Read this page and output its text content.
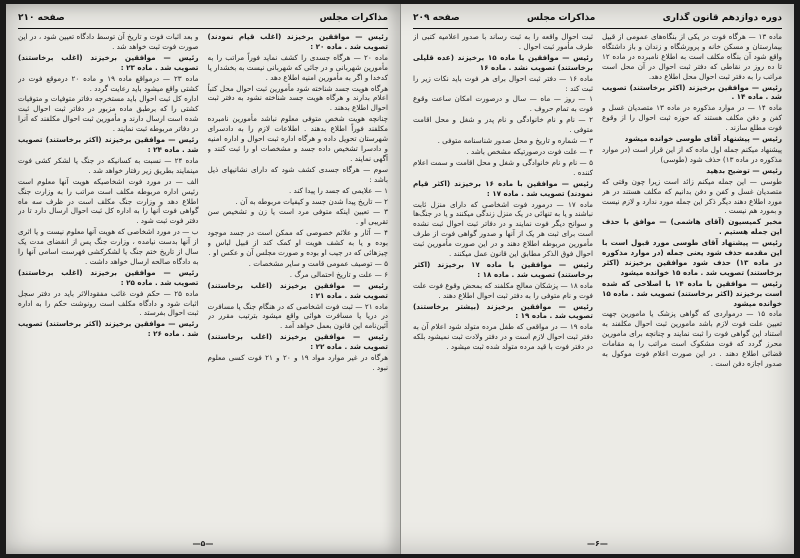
دوره دوازدهم قانون گذاری
مذاکرات مجلس
صفحه ۲۰۹

ماده ۱۳ — هرگاه فوت در یکی از بنگاه‌های عمومی از قبیل بیمارستان و مسکن خانه و پرورشگاه و زندان و باز داشتگاه واقع شود آن بنگاه مکلف است به اطلاع نامبرده در ماده ۱۲ تا ده روز در نقاطی که دفتر ثبت احوال در آن محل است مراتب را به دفتر ثبت احوال محل اطلاع دهد.

رئیس — موافقین برخیزند (اکثر برخاستند) تصویب شد . ماده ۱۴ .

ماده ۱۴ — در موارد مذکوره در ماده ۱۳ متصدیان غسل و کفن و دفن مکلف هستند که حوزه ثبت احوال را از وقوع فوت مطلع سازند .

رئیس — پیشنهاد آقای طوسی خوانده میشود

پیشنهاد میکنم جمله اول ماده که از این قرار است (در موارد مذکوره در ماده ۱۳) حذف شود (طوسی)

رئیس — توضیح بدهید

طوسی — این جمله میکنم زائد است زیرا چون وقتی که متصدیان غسل و کفن و دفن بدانیم که مکلف هستند در هر مورد اطلاع دهند دیگر ذکر این جمله مورد ندارد و لازم نیست و بمورد هم نیست .

مخبر کمیسیون (آقای هاشمی) — موافق با حذف این جمله هستیم .

رئیس — پیشنهاد آقای طوسی مورد قبول است با این مقدمه حذف شود یعنی جمله (در موارد مذکوره در ماده ۱۳) حذف شود موافقین برخیزند (اکثر برخاستند) تصویب شد . ماده ۱۵ خوانده میشود

رئیس — موافقین با ماده ۱۴ با اصلاحی که شده است برخیزند (اکثر برخاستند) تصویب شد . ماده ۱۵ خوانده میشود

ماده ۱۵ — درمواردی که گواهی پزشک یا مامورین جهت تعیین علت فوت لازم باشد مامورین ثبت احوال مکلفند به استناد این گواهی فوت را ثبت نمایند و چنانچه برای مامورین محرز گردد که فوت مشکوک است مراتب را به مقامات قضائی اطلاع دهند . در این صورت اعلام فوت موکول به صدور اجازه دفن است .

ثبت احوال واقعه را به ثبت رساند با صدور اعلامیه کتبی از طرف مأمور ثبت احوال .

رئیس — موافقین با ماده ۱۵ برخیزند (عده قلیلی برخاستند) تصویب نشد . ماده ۱۶

ماده ۱۶ — دفتر ثبت احوال برای هر فوت باید نکات زیر را ثبت کند :

۱ — روز — ماه — سال و درصورت امکان ساعت وقوع فوت به تمام حروف .

۲ — نام و نام خانوادگی و نام پدر و شغل و محل اقامت متوفی .

۳ — شماره و تاریخ و محل صدور شناسنامه متوفی .

۴ — علت فوت درصورتیکه مشخص باشد .

۵ — نام و نام خانوادگی و شغل و محل اقامت و سمت اعلام کننده .

رئیس — موافقین با ماده ۱۶ برخیزند (اکثر قیام نمودند) تصویب شد . ماده ۱۷ :

ماده ۱۷ — درمورد فوت اشخاصی که دارای منزل ثابت نباشند و یا به تنهائی در یک منزل زندگی میکنند و یا در جنگ‌ها و سوانح دیگر فوت نمایند و در دفاتر ثبت احوال ثبت نشده است برای ثبت هر یک از آنها و صدور گواهی فوت از طرف مأمورین مربوطه اطلاع دهند و در این صورت مأمورین ثبت احوال فوق الذکر مطابق این قانون عمل میکنند .

رئیس — موافقین با ماده ۱۷ برخیزند (اکثر برخاستند) تصویب شد . ماده ۱۸ :

ماده ۱۸ — پزشکان معالج مکلفند که بمحض وقوع فوت علت فوت و نام متوفی را به دفتر ثبت احوال اطلاع دهند .

رئیس — موافقین برخیزند (بیشتر برخاستند) تصویب شد . ماده ۱۹ :

ماده ۱۹ — در مواقعی که طفل مرده متولد شود اعلام آن به دفتر ثبت احوال لازم است و در دفتر ولادت ثبت نمیشود بلکه در دفتر فوت با قید مرده متولد شده ثبت میشود .

—۶—
مذاکرات مجلس
صفحه ۲۱۰

رئیس — موافقین برخیزند (اغلب قیام نمودند) تصویب شد . ماده ۲۰ :

ماده ۲۰ — هرگاه جسدی را کشف نماید فوراً مراتب را به مأمورین شهربانی و در جائی که شهربانی نیست به بخشدار یا کدخدا و اگر به مأمورین امنیه اطلاع دهد .

هرگاه هویت جسد شناخته شود مأمورین ثبت احوال محل کتباً اعلام بدارند و هرگاه هویت جسد شناخته نشود به دفتر ثبت احوال اطلاع بدهند .

چنانچه هویت شخص متوفی معلوم نباشد مأمورین نامبرده مکلفند فوراً اطلاع بدهند . اطلاعات لازم را به دادسرای شهرستان تحویل داده و هرگاه اداره ثبت احوال و اداره امنیه و دادسرا تشخیص داده جسد و مشخصات او را ثبت کنند و آگهی نمایند .

سوم — هرگاه جسدی کشف شود که دارای نشانیهای ذیل باشد :

۱ — علایمی که جسد را پیدا کند .

۲ — تاریخ پیدا شدن جسد و کیفیات مربوطه به آن .

۳ — تعیین اینکه متوفی مرد است یا زن و تشخیص سن تقریبی او .

۴ — آثار و علائم خصوصی که ممکن است در جسد موجود بوده و یا به کشف هویت او کمک کند از قبیل لباس و چیزهائی که در جیب او بوده و صورت مجلس آن و عکس او .

۵ — توصیف عمومی قامت و سایر مشخصات .

۶ — علت و تاریخ احتمالی مرگ .

رئیس — موافقین برخیزند (اغلب برخاستند) تصویب شد . ماده ۲۱ :

ماده ۲۱ — ثبت فوت اشخاصی که در هنگام جنگ یا مسافرت در دریا یا مسافرت هوائی واقع میشود بترتیب مقرر در آئین‌نامه این قانون بعمل خواهد آمد .

رئیس — موافقین برخیزند (اغلب برخاستند) تصویب شد . ماده ۲۲ :

هرگاه در غیر موارد مواد ۱۹ و ۲۰ و ۲۱ فوت کسی معلوم نبود .

و بعد اثبات فوت و تاریخ آن توسط دادگاه تعیین شود ، در این صورت فوت ثبت خواهد شد .

رئیس — موافقین برخیزند (اغلب برخاستند) تصویب شد . ماده ۲۳ :

ماده ۲۳ — درمواقع ماده ۱۹ و ماده ۲۰ درموقع فوت در کشتی واقع میشود باید رعایت گردد .

اداره کل ثبت احوال باید مستخرجه دفاتر متوفیات و متوفیات کشتی را که برطبق ماده مزبور در دفاتر ثبت احوال ثبت شده است ارسال دارند و مأمورین ثبت احوال مکلفند که آنرا در دفاتر مربوطه ثبت نمایند .

رئیس — موافقین برخیزند (اکثر برخاستند) تصویب شد . ماده ۲۴ :

ماده ۲۴ — نسبت به کسانیکه در جنگ یا لشکر کشی فوت مینمایند بطریق زیر رفتار خواهد شد .

الف — در مورد فوت اشخاصیکه هویت آنها معلوم است رئیس اداره مربوطه مکلف است مراتب را به وزارت جنگ اطلاع دهد و وزارت جنگ مکلف است در ظرف سه ماه گواهی فوت آنها را به اداره کل ثبت احوال ارسال دارد تا در دفتر فوت ثبت شود .

ب — در مورد اشخاصی که هویت آنها معلوم نیست و یا اثری از آنها بدست نیامده ، وزارت جنگ پس از انقضای مدت یک سال از تاریخ ختم جنگ یا لشکرکشی فهرست اسامی آنها را به دادگاه صالحه ارسال خواهد داشت .

رئیس — موافقین برخیزند (اغلب برخاستند) تصویب شد . ماده ۲۵ :

ماده ۲۵ — حکم فوت غائب مفقودالاثر باید در دفتر سجل اثبات شود و دادگاه مکلف است رونوشت حکم را به اداره ثبت احوال بفرستد .

رئیس — موافقین برخیزند (اکثر برخاستند) تصویب شد . ماده ۲۶ :

—۵—
